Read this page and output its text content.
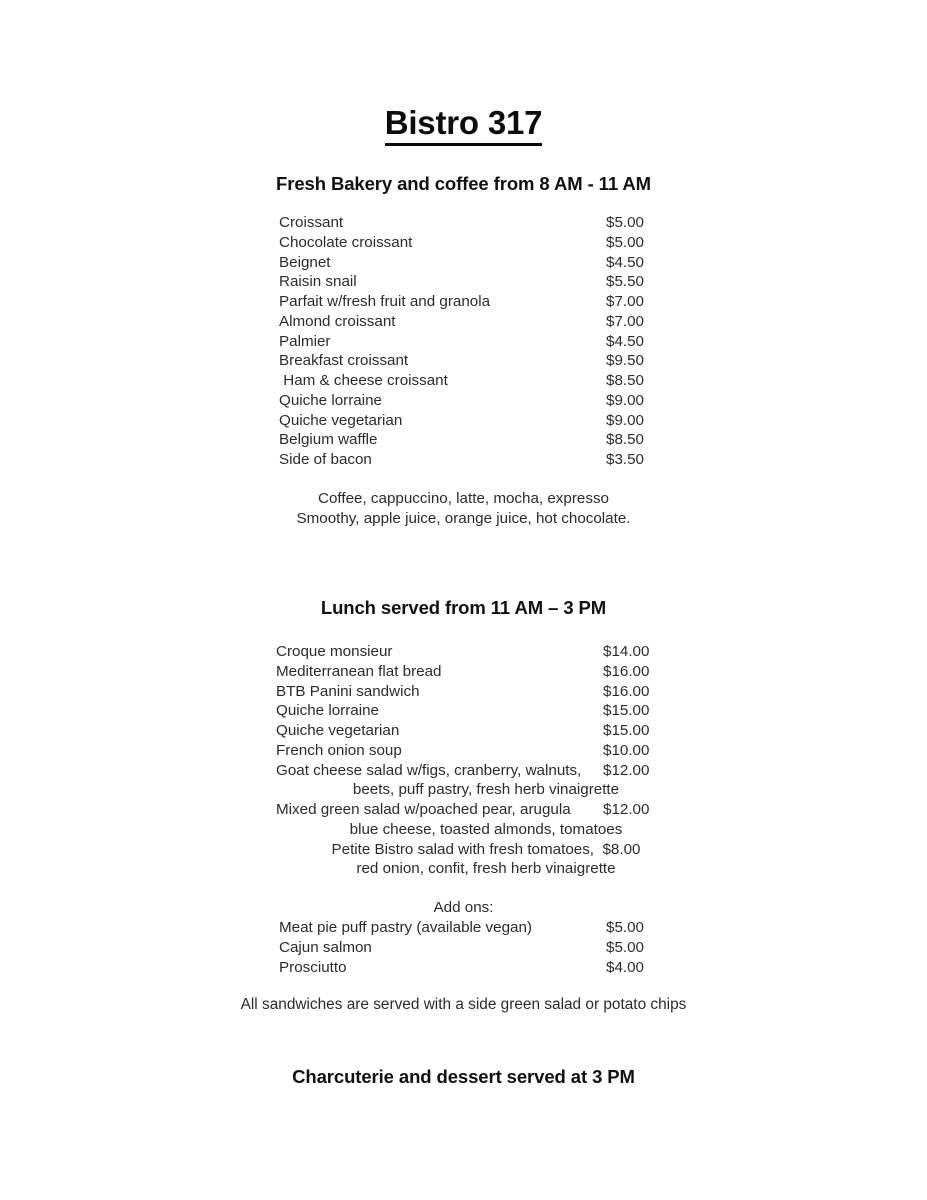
Bistro 317
Fresh Bakery and coffee from 8 AM - 11 AM
Croissant	$5.00
Chocolate croissant	$5.00
Beignet	$4.50
Raisin snail	$5.50
Parfait w/fresh fruit and granola	$7.00
Almond croissant	$7.00
Palmier	$4.50
Breakfast croissant	$9.50
Ham & cheese croissant	$8.50
Quiche lorraine	$9.00
Quiche vegetarian	$9.00
Belgium waffle	$8.50
Side of bacon	$3.50
Coffee, cappuccino, latte, mocha, expresso
Smoothy, apple juice, orange juice, hot chocolate.
Lunch served from 11 AM – 3 PM
Croque monsieur	$14.00
Mediterranean flat bread	$16.00
BTB Panini sandwich	$16.00
Quiche lorraine	$15.00
Quiche vegetarian	$15.00
French onion soup	$10.00
Goat cheese salad w/figs, cranberry, walnuts, $12.00
beets, puff pastry, fresh herb vinaigrette
Mixed green salad w/poached pear, arugula $12.00
blue cheese, toasted almonds, tomatoes
Petite Bistro salad with fresh tomatoes,  $8.00
red onion, confit, fresh herb vinaigrette
Add ons:
Meat pie puff pastry (available vegan)	$5.00
Cajun salmon	$5.00
Prosciutto	$4.00
All sandwiches are served with a side green salad or potato chips
Charcuterie and dessert served at 3 PM
